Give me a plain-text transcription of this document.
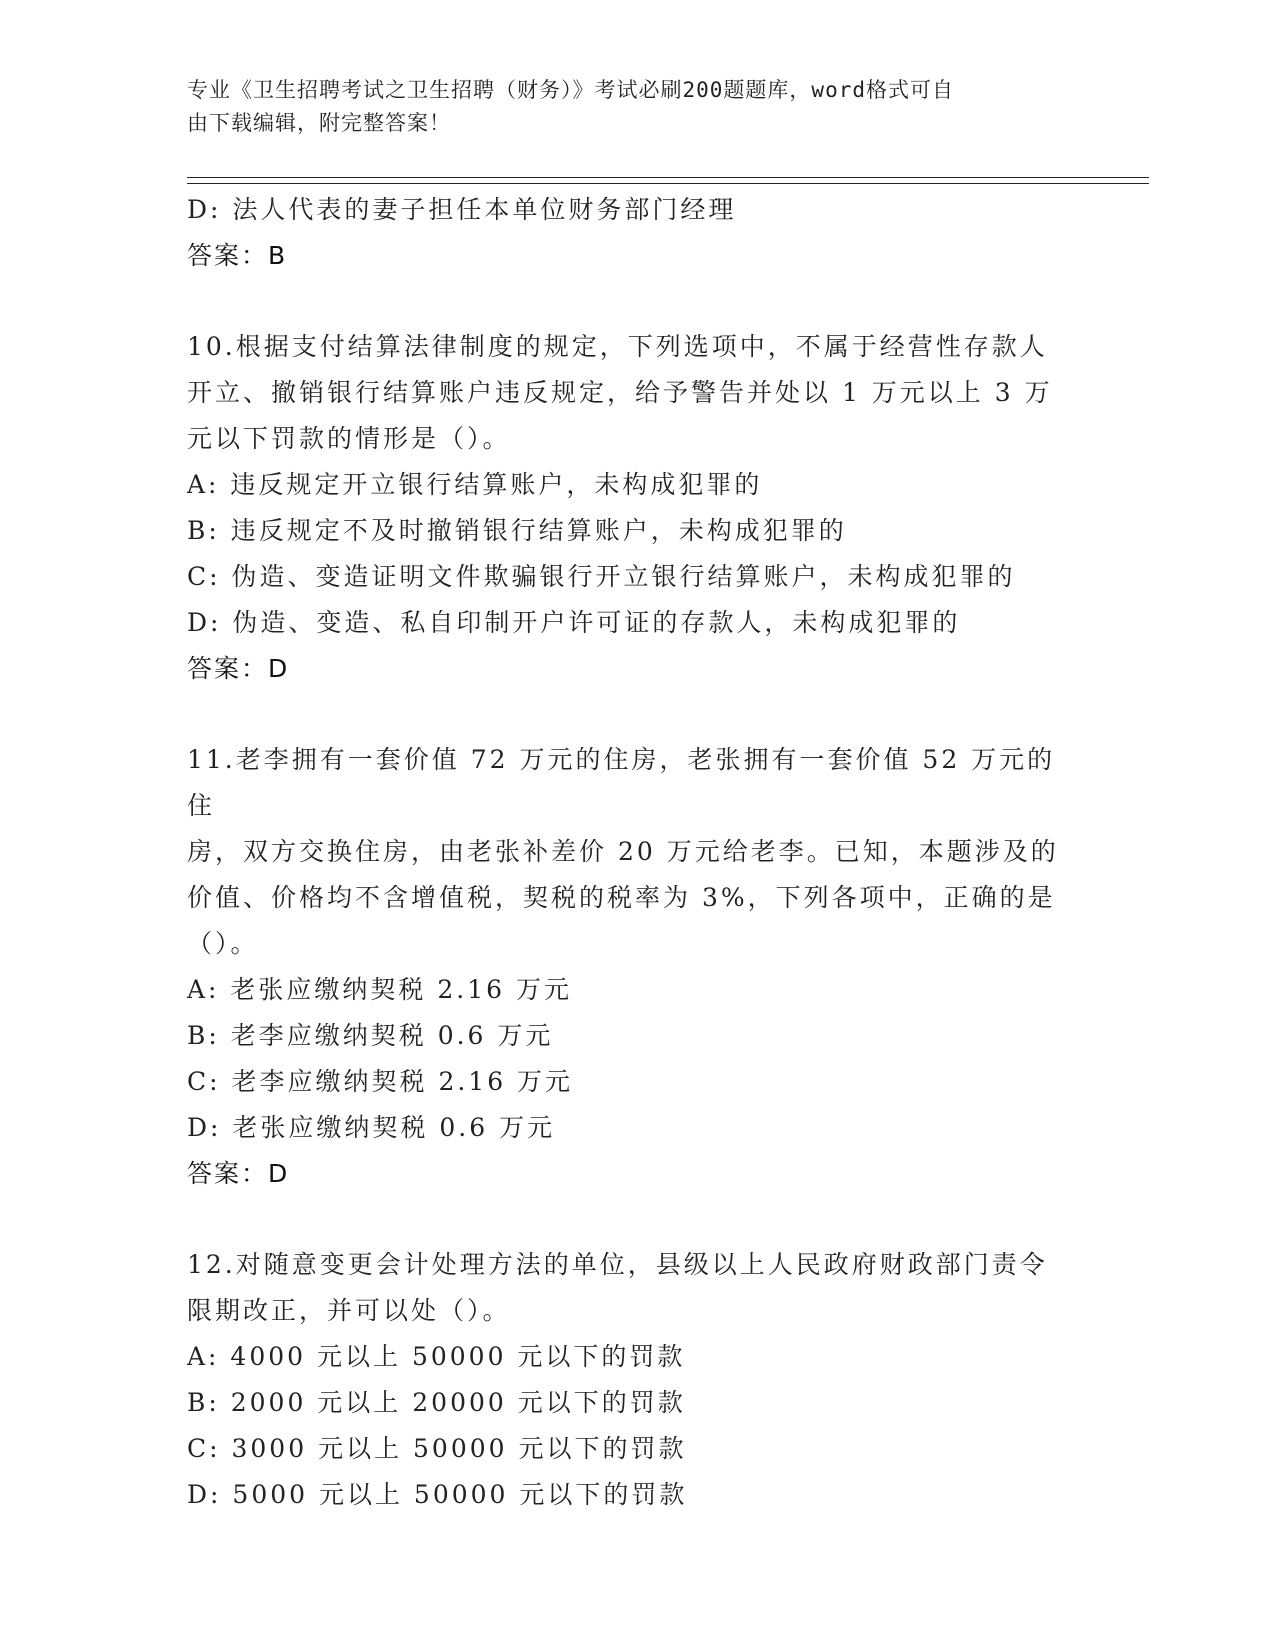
专业《卫生招聘考试之卫生招聘（财务）》考试必刷200题题库，word格式可自
由下载编辑，附完整答案！
D: 法人代表的妻子担任本单位财务部门经理
答案：B
10.根据支付结算法律制度的规定，下列选项中，不属于经营性存款人
开立、撤销银行结算账户违反规定，给予警告并处以 1 万元以上 3 万
元以下罚款的情形是（）。
A: 违反规定开立银行结算账户，未构成犯罪的
B: 违反规定不及时撤销银行结算账户，未构成犯罪的
C: 伪造、变造证明文件欺骗银行开立银行结算账户，未构成犯罪的
D: 伪造、变造、私自印制开户许可证的存款人，未构成犯罪的
答案：D
11.老李拥有一套价值 72 万元的住房，老张拥有一套价值 52 万元的住
房，双方交换住房，由老张补差价 20 万元给老李。已知，本题涉及的
价值、价格均不含增值税，契税的税率为 3%，下列各项中，正确的是
（）。
A: 老张应缴纳契税 2.16 万元
B: 老李应缴纳契税 0.6 万元
C: 老李应缴纳契税 2.16 万元
D: 老张应缴纳契税 0.6 万元
答案：D
12.对随意变更会计处理方法的单位，县级以上人民政府财政部门责令
限期改正，并可以处（）。
A: 4000 元以上 50000 元以下的罚款
B: 2000 元以上 20000 元以下的罚款
C: 3000 元以上 50000 元以下的罚款
D: 5000 元以上 50000 元以下的罚款
